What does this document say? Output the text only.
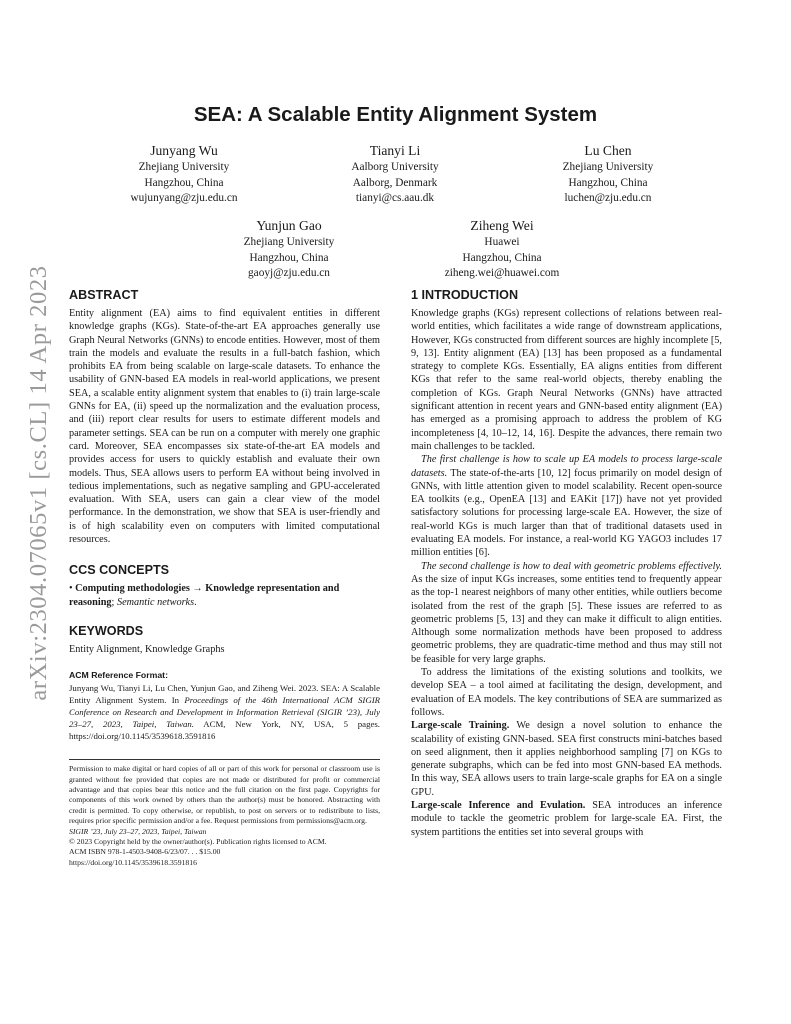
arXiv:2304.07065v1 [cs.CL] 14 Apr 2023
SEA: A Scalable Entity Alignment System
Junyang Wu
Zhejiang University
Hangzhou, China
wujunyang@zju.edu.cn
Tianyi Li
Aalborg University
Aalborg, Denmark
tianyi@cs.aau.dk
Lu Chen
Zhejiang University
Hangzhou, China
luchen@zju.edu.cn
Yunjun Gao
Zhejiang University
Hangzhou, China
gaoyj@zju.edu.cn
Ziheng Wei
Huawei
Hangzhou, China
ziheng.wei@huawei.com
ABSTRACT

Entity alignment (EA) aims to find equivalent entities in different knowledge graphs (KGs). State-of-the-art EA approaches generally use Graph Neural Networks (GNNs) to encode entities. However, most of them train the models and evaluate the results in a full-batch fashion, which prohibits EA from being scalable on large-scale datasets. To enhance the usability of GNN-based EA models in real-world applications, we present SEA, a scalable entity alignment system that enables to (i) train large-scale GNNs for EA, (ii) speed up the normalization and the evaluation process, and (iii) report clear results for users to estimate different models and parameter settings. SEA can be run on a computer with merely one graphic card. Moreover, SEA encompasses six state-of-the-art EA models and provides access for users to quickly establish and evaluate their own models. Thus, SEA allows users to perform EA without being involved in tedious implementations, such as negative sampling and GPU-accelerated evaluation. With SEA, users can gain a clear view of the model performance. In the demonstration, we show that SEA is user-friendly and is of high scalability even on computers with limited computational resources.

CCS CONCEPTS

• Computing methodologies → Knowledge representation and reasoning; Semantic networks.

KEYWORDS

Entity Alignment, Knowledge Graphs

ACM Reference Format:

Junyang Wu, Tianyi Li, Lu Chen, Yunjun Gao, and Ziheng Wei. 2023. SEA: A Scalable Entity Alignment System. In Proceedings of the 46th International ACM SIGIR Conference on Research and Development in Information Retrieval (SIGIR ’23), July 23–27, 2023, Taipei, Taiwan. ACM, New York, NY, USA, 5 pages. https://doi.org/10.1145/3539618.3591816

Permission to make digital or hard copies of all or part of this work for personal or classroom use is granted without fee provided that copies are not made or distributed for profit or commercial advantage and that copies bear this notice and the full citation on the first page. Copyrights for components of this work owned by others than the author(s) must be honored. Abstracting with credit is permitted. To copy otherwise, or republish, to post on servers or to redistribute to lists, requires prior specific permission and/or a fee. Request permissions from permissions@acm.org.

SIGIR ’23, July 23–27, 2023, Taipei, Taiwan

© 2023 Copyright held by the owner/author(s). Publication rights licensed to ACM.

ACM ISBN 978-1-4503-9408-6/23/07. . . $15.00

https://doi.org/10.1145/3539618.3591816

1 INTRODUCTION

Knowledge graphs (KGs) represent collections of relations between real-world entities, which facilitates a wide range of downstream applications, However, KGs constructed from different sources are highly incomplete [5, 9, 13]. Entity alignment (EA) [13] has been proposed as a fundamental strategy to complete KGs. Essentially, EA aligns entities from different KGs that refer to the same real-world objects, thereby enabling the completion of KGs. Graph Neural Networks (GNNs) have attracted significant attention in recent years and GNN-based entity alignment (EA) has emerged as a promising approach to address the problem of KG incompleteness [4, 10–12, 14, 16]. Despite the advances, there remain two main challenges to be tackled.

The first challenge is how to scale up EA models to process large-scale datasets. The state-of-the-arts [10, 12] focus primarily on model design of GNNs, with little attention given to model scalability. Recent open-source EA toolkits (e.g., OpenEA [13] and EAKit [17]) have not yet provided satisfactory solutions for processing large-scale EA. However, the size of real-world KGs is much larger than that of traditional datasets used in evaluating EA models. For instance, a real-world KG YAGO3 includes 17 million entities [6].

The second challenge is how to deal with geometric problems effectively. As the size of input KGs increases, some entities tend to frequently appear as the top-1 nearest neighbors of many other entities, while outliers become isolated from the rest of the graph [5]. These issues are referred to as geometric problems [5, 13] and they can make it difficult to align entities. Although some normalization methods have been proposed to address geometric problems, they are quadratic-time method and thus may still not be feasible for very large graphs.

To address the limitations of the existing solutions and toolkits, we develop SEA – a tool aimed at facilitating the design, development, and evaluation of EA models. The key contributions of SEA are summarized as follows.

Large-scale Training. We design a novel solution to enhance the scalability of existing GNN-based. SEA first constructs mini-batches based on seed alignment, then it applies neighborhood sampling [7] on KGs to generate subgraphs, which can be fed into most GNN-based EA methods. In this way, SEA allows users to train large-scale graphs for EA on a single GPU.

Large-scale Inference and Evulation. SEA introduces an inference module to tackle the geometric problem for large-scale EA. First, the system partitions the entities set into several groups with
